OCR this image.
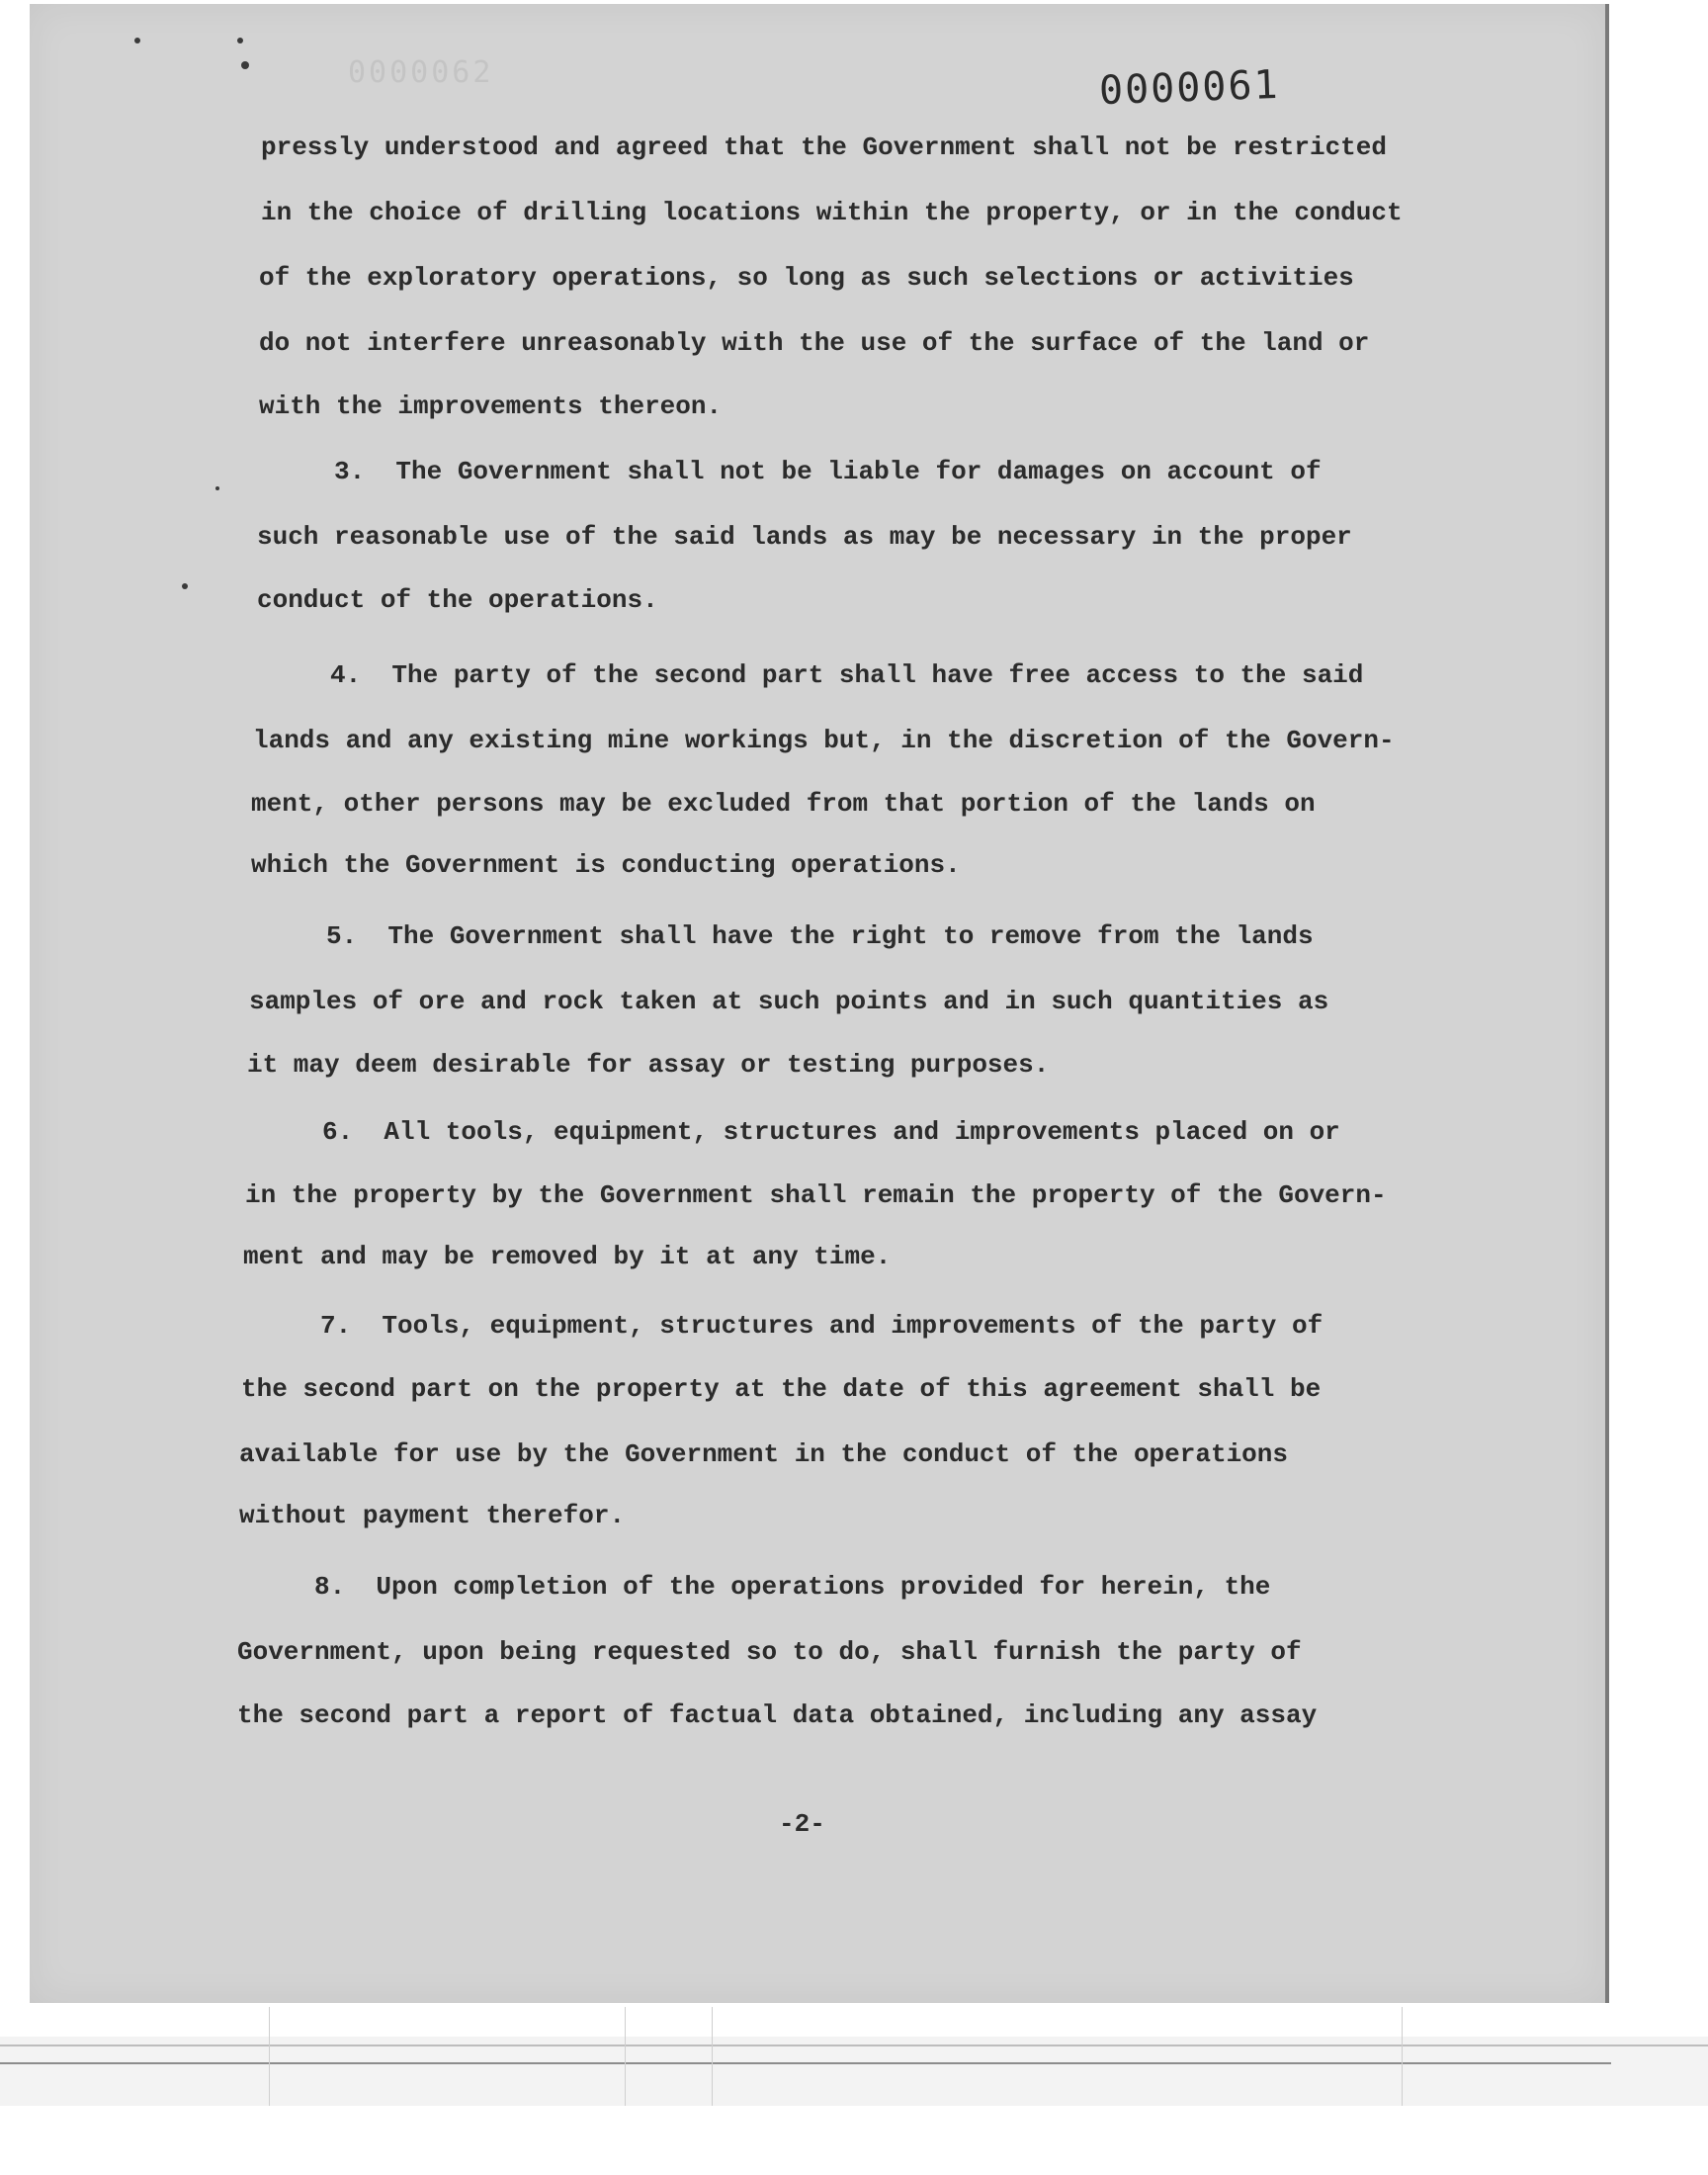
0000062	0000061
pressly understood and agreed that the Government shall not be restricted
in the choice of drilling locations within the property, or in the conduct
of the exploratory operations, so long as such selections or activities
do not interfere unreasonably with the use of the surface of the land or
with the improvements thereon.
3.  The Government shall not be liable for damages on account of
such reasonable use of the said lands as may be necessary in the proper
conduct of the operations.
4.  The party of the second part shall have free access to the said
lands and any existing mine workings but, in the discretion of the Govern-
ment, other persons may be excluded from that portion of the lands on
which the Government is conducting operations.
5.  The Government shall have the right to remove from the lands
samples of ore and rock taken at such points and in such quantities as
it may deem desirable for assay or testing purposes.
6.  All tools, equipment, structures and improvements placed on or
in the property by the Government shall remain the property of the Govern-
ment and may be removed by it at any time.
7.  Tools, equipment, structures and improvements of the party of
the second part on the property at the date of this agreement shall be
available for use by the Government in the conduct of the operations
without payment therefor.
8.  Upon completion of the operations provided for herein, the
Government, upon being requested so to do, shall furnish the party of
the second part a report of factual data obtained, including any assay
-2-
